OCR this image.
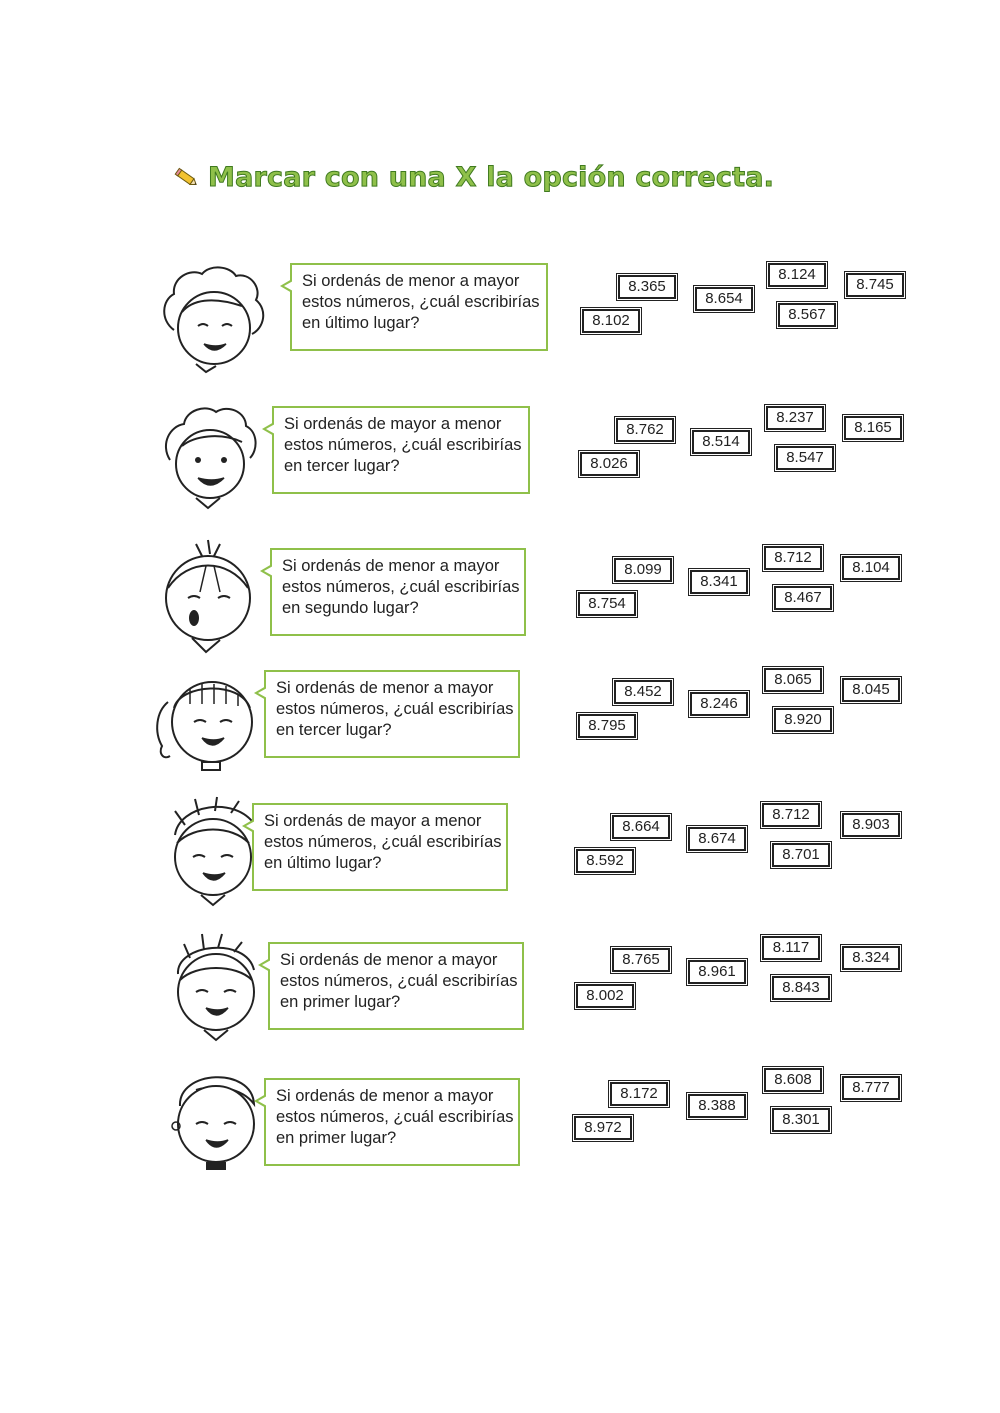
Marcar con una X la opción correcta.
Si ordenás de menor a mayor
estos números, ¿cuál escribirías
en último lugar?
8.365
8.654
8.124
8.745
8.102	8.567
Si ordenás de mayor a menor
estos números, ¿cuál escribirías
en tercer lugar?
8.762
8.514
8.237
8.165
8.026	8.547
Si ordenás de menor a mayor
estos números, ¿cuál escribirías
en segundo lugar?
8.099
8.341
8.712
8.104
8.754	8.467
Si ordenás de menor a mayor
estos números, ¿cuál escribirías
en tercer lugar?
8.452
8.246
8.065
8.045
8.795	8.920
Si ordenás de mayor a menor
estos números, ¿cuál escribirías
en último lugar?
8.664
8.674
8.712
8.903
8.592	8.701
Si ordenás de menor a mayor
estos números, ¿cuál escribirías
en primer lugar?
8.765
8.961
8.117
8.324
8.002	8.843
Si ordenás de menor a mayor
estos números, ¿cuál escribirías
en primer lugar?
8.172
8.388
8.608	8.777
8.972	8.301
